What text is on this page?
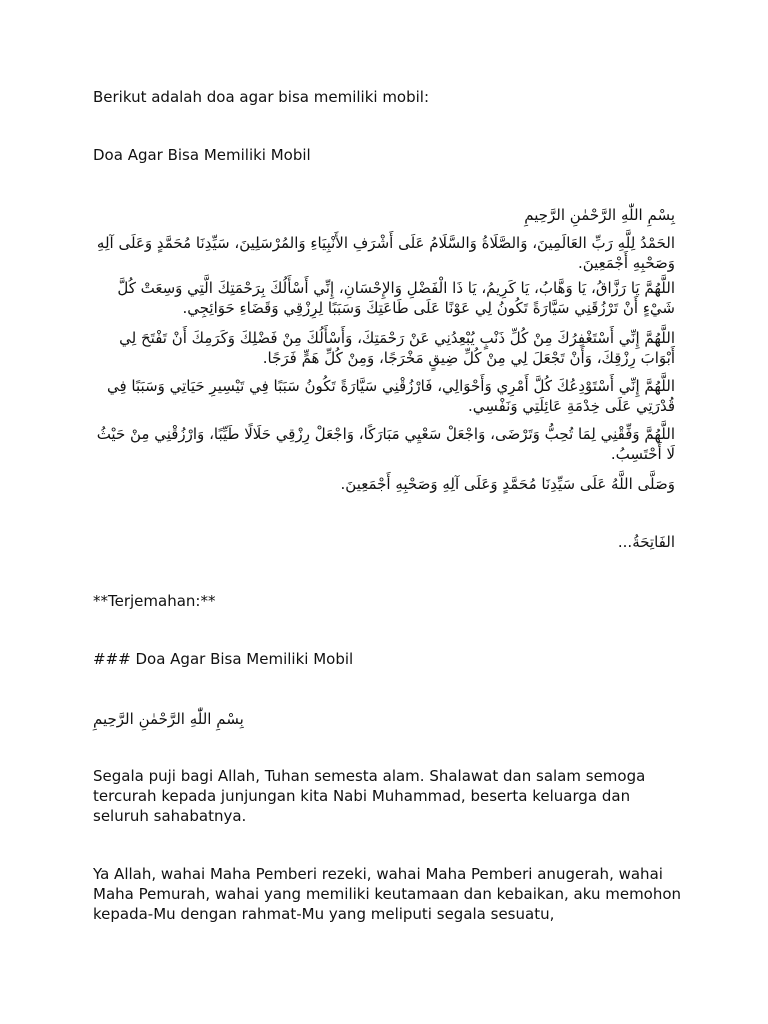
Berikut adalah doa agar bisa memiliki mobil:
Doa Agar Bisa Memiliki Mobil
بِسْمِ اللّٰهِ الرَّحْمٰنِ الرَّحِيمِ
الحَمْدُ لِلَّهِ رَبِّ العَالَمِينَ، وَالصَّلَاةُ وَالسَّلَامُ عَلَى أَشْرَفِ الأَنْبِيَاءِ وَالمُرْسَلِينَ، سَيِّدِنَا مُحَمَّدٍ وَعَلَى آلِهِ وَصَحْبِهِ أَجْمَعِينَ.
اللَّهُمَّ يَا رَزَّاقُ، يَا وَهَّابُ، يَا كَرِيمُ، يَا ذَا الْفَضْلِ وَالإِحْسَانِ، إِنِّي أَسْأَلُكَ بِرَحْمَتِكَ الَّتِي وَسِعَتْ كُلَّ شَيْءٍ أَنْ تَرْزُقَنِي سَيَّارَةً تَكُونُ لِي عَوْنًا عَلَى طَاعَتِكَ وَسَبَبًا لِرِزْقِي وَقَضَاءِ حَوَائِجِي.
اللَّهُمَّ إِنِّي أَسْتَغْفِرُكَ مِنْ كُلِّ ذَنْبٍ يُبْعِدُنِي عَنْ رَحْمَتِكَ، وَأَسْأَلُكَ مِنْ فَضْلِكَ وَكَرَمِكَ أَنْ تَفْتَحَ لِي أَبْوَابَ رِزْقِكَ، وَأَنْ تَجْعَلَ لِي مِنْ كُلِّ ضِيقٍ مَخْرَجًا، وَمِنْ كُلِّ هَمٍّ فَرَجًا.
اللَّهُمَّ إِنِّي أَسْتَوْدِعُكَ كُلَّ أَمْرِي وَأَحْوَالِي، فَارْزُقْنِي سَيَّارَةً تَكُونُ سَبَبًا فِي تَيْسِيرِ حَيَاتِي وَسَبَبًا فِي قُدْرَتِي عَلَى خِدْمَةِ عَائِلَتِي وَنَفْسِي.
اللَّهُمَّ وَفِّقْنِي لِمَا تُحِبُّ وَتَرْضَى، وَاجْعَلْ سَعْيِي مَبَارَكًا، وَاجْعَلْ رِزْقِي حَلَالًا طَيِّبًا، وَارْزُقْنِي مِنْ حَيْثُ لَا أَحْتَسِبُ.
وَصَلَّى اللَّهُ عَلَى سَيِّدِنَا مُحَمَّدٍ وَعَلَى آلِهِ وَصَحْبِهِ أَجْمَعِينَ.
الفَاتِحَةُ...
**Terjemahan:**
### Doa Agar Bisa Memiliki Mobil
بِسْمِ اللّٰهِ الرَّحْمٰنِ الرَّحِيمِ
Segala puji bagi Allah, Tuhan semesta alam. Shalawat dan salam semoga tercurah kepada junjungan kita Nabi Muhammad, beserta keluarga dan seluruh sahabatnya.
Ya Allah, wahai Maha Pemberi rezeki, wahai Maha Pemberi anugerah, wahai Maha Pemurah, wahai yang memiliki keutamaan dan kebaikan, aku memohon kepada-Mu dengan rahmat-Mu yang meliputi segala sesuatu,
